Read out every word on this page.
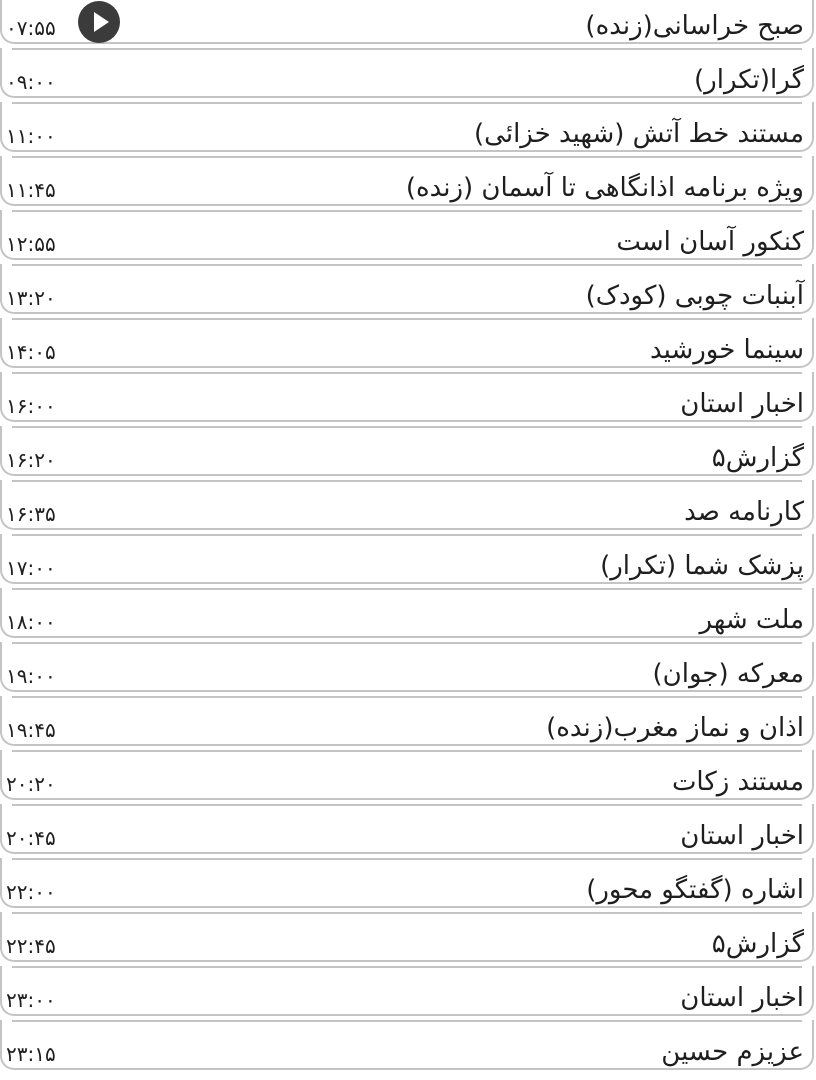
صبح خراسانی(زنده)
۰۷:۵۵
گرا(تکرار)
۰۹:۰۰
مستند خط آتش (شهید خزائی)
۱۱:۰۰
ویژه برنامه اذانگاهی تا آسمان (زنده)
۱۱:۴۵
کنکور آسان است
۱۲:۵۵
آبنبات چوبی (کودک)
۱۳:۲۰
سینما خورشید
۱۴:۰۵
اخبار استان
۱۶:۰۰
گزارش۵
۱۶:۲۰
کارنامه صد
۱۶:۳۵
پزشک شما (تکرار)
۱۷:۰۰
ملت شهر
۱۸:۰۰
معرکه (جوان)
۱۹:۰۰
اذان و نماز مغرب(زنده)
۱۹:۴۵
مستند زکات
۲۰:۲۰
اخبار استان
۲۰:۴۵
اشاره (گفتگو محور)
۲۲:۰۰
گزارش۵
۲۲:۴۵
اخبار استان
۲۳:۰۰
عزیزم حسین
۲۳:۱۵
